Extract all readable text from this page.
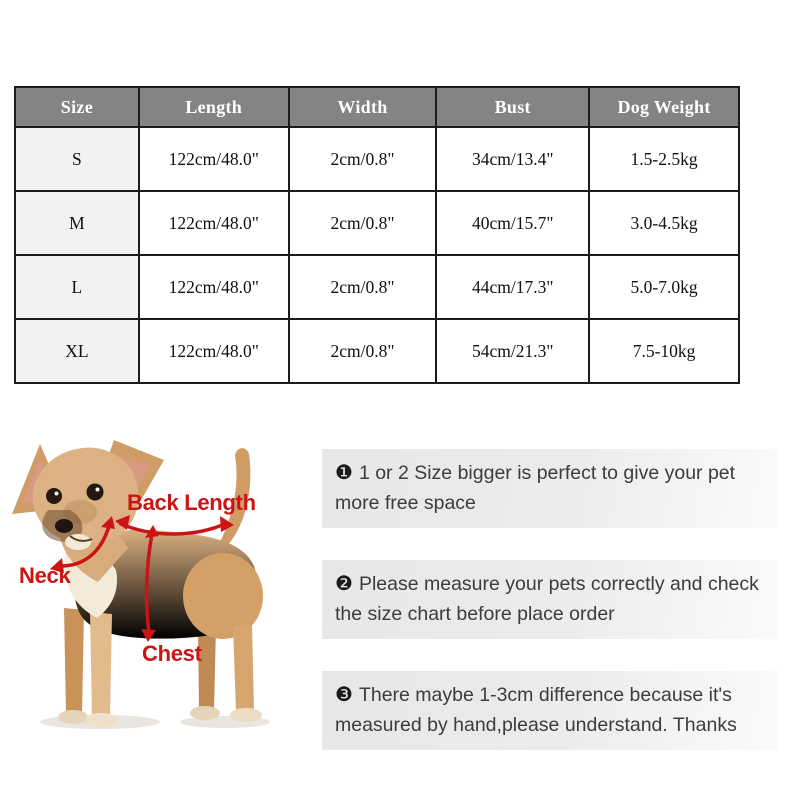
Size	Length	Width	Bust	Dog Weight
S	122cm/48.0"	2cm/0.8"	34cm/13.4"	1.5-2.5kg
M	122cm/48.0"	2cm/0.8"	40cm/15.7"	3.0-4.5kg
L	122cm/48.0"	2cm/0.8"	44cm/17.3"	5.0-7.0kg
XL	122cm/48.0"	2cm/0.8"	54cm/21.3"	7.5-10kg
Back Length
Neck
Chest
❶ 1 or 2 Size bigger is perfect to give your pet more free space
❷ Please measure your pets correctly and check the size chart before place order
❸ There maybe 1-3cm difference because it's measured by hand,please understand. Thanks
